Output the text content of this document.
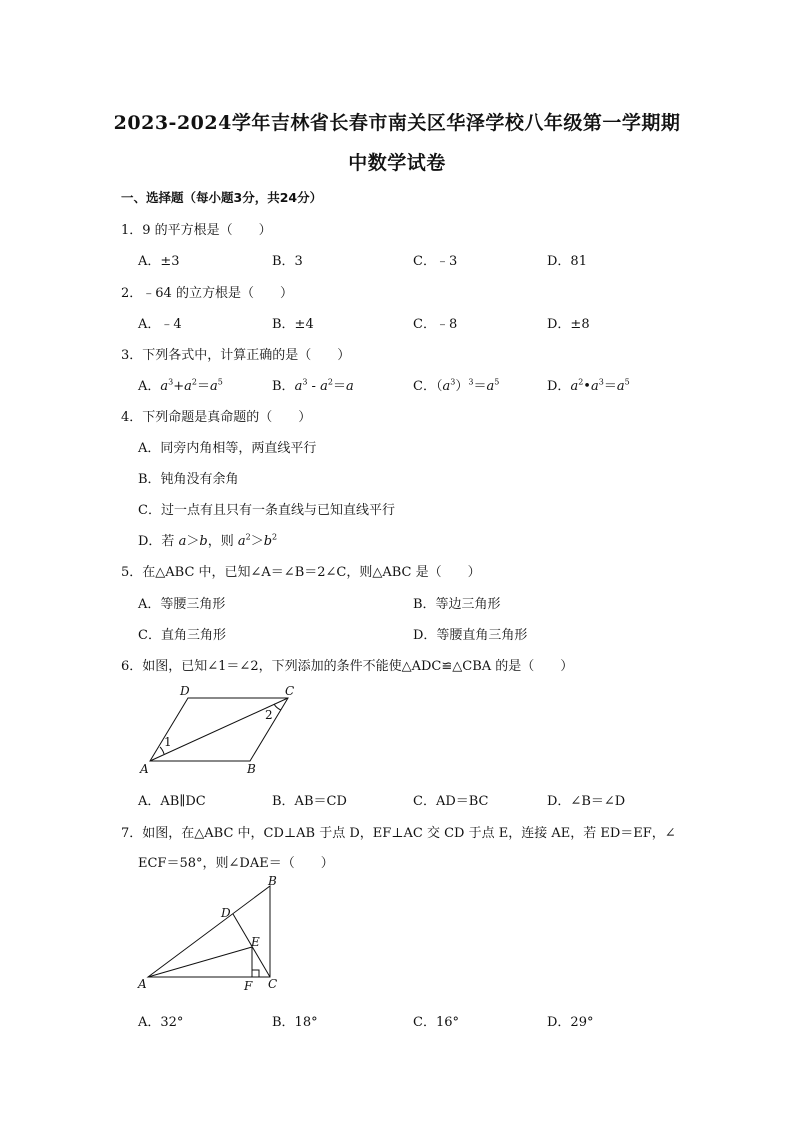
2023-2024学年吉林省长春市南关区华泽学校八年级第一学期期
中数学试卷
一、选择题（每小题3分，共24分）
1．9 的平方根是（　　）
A．±3	B．3	C．﹣3	D．81
2．﹣64 的立方根是（　　）
A．﹣4	B．±4	C．﹣8	D．±8
3．下列各式中，计算正确的是（　　）
A．$a^3+a^2=a^5$	B．$a^3 - a^2=a$	C．$(a^3)^3=a^5$	D．$a^2•a^3=a^5$
4．下列命题是真命题的（　　）
A．同旁内角相等，两直线平行
B．钝角没有余角
C．过一点有且只有一条直线与已知直线平行
D．若 a＞b，则 $a^2>b^2$
5．在△ABC 中，已知∠A＝∠B＝2∠C，则△ABC 是（　　）
A．等腰三角形	B．等边三角形
C．直角三角形	D．等腰直角三角形
6．如图，已知∠1＝∠2，下列添加的条件不能使△ADC≌△CBA 的是（　　）
D	C
A	B
1
2
A．AB∥DC	B．AB＝CD	C．AD＝BC	D．∠B＝∠D
7．如图，在△ABC 中，CD⊥AB 于点 D，EF⊥AC 交 CD 于点 E，连接 AE，若 ED＝EF，∠
ECF＝58°，则∠DAE＝（　　）
B
D
E
A	F C
A．32°	B．18°	C．16°	D．29°
